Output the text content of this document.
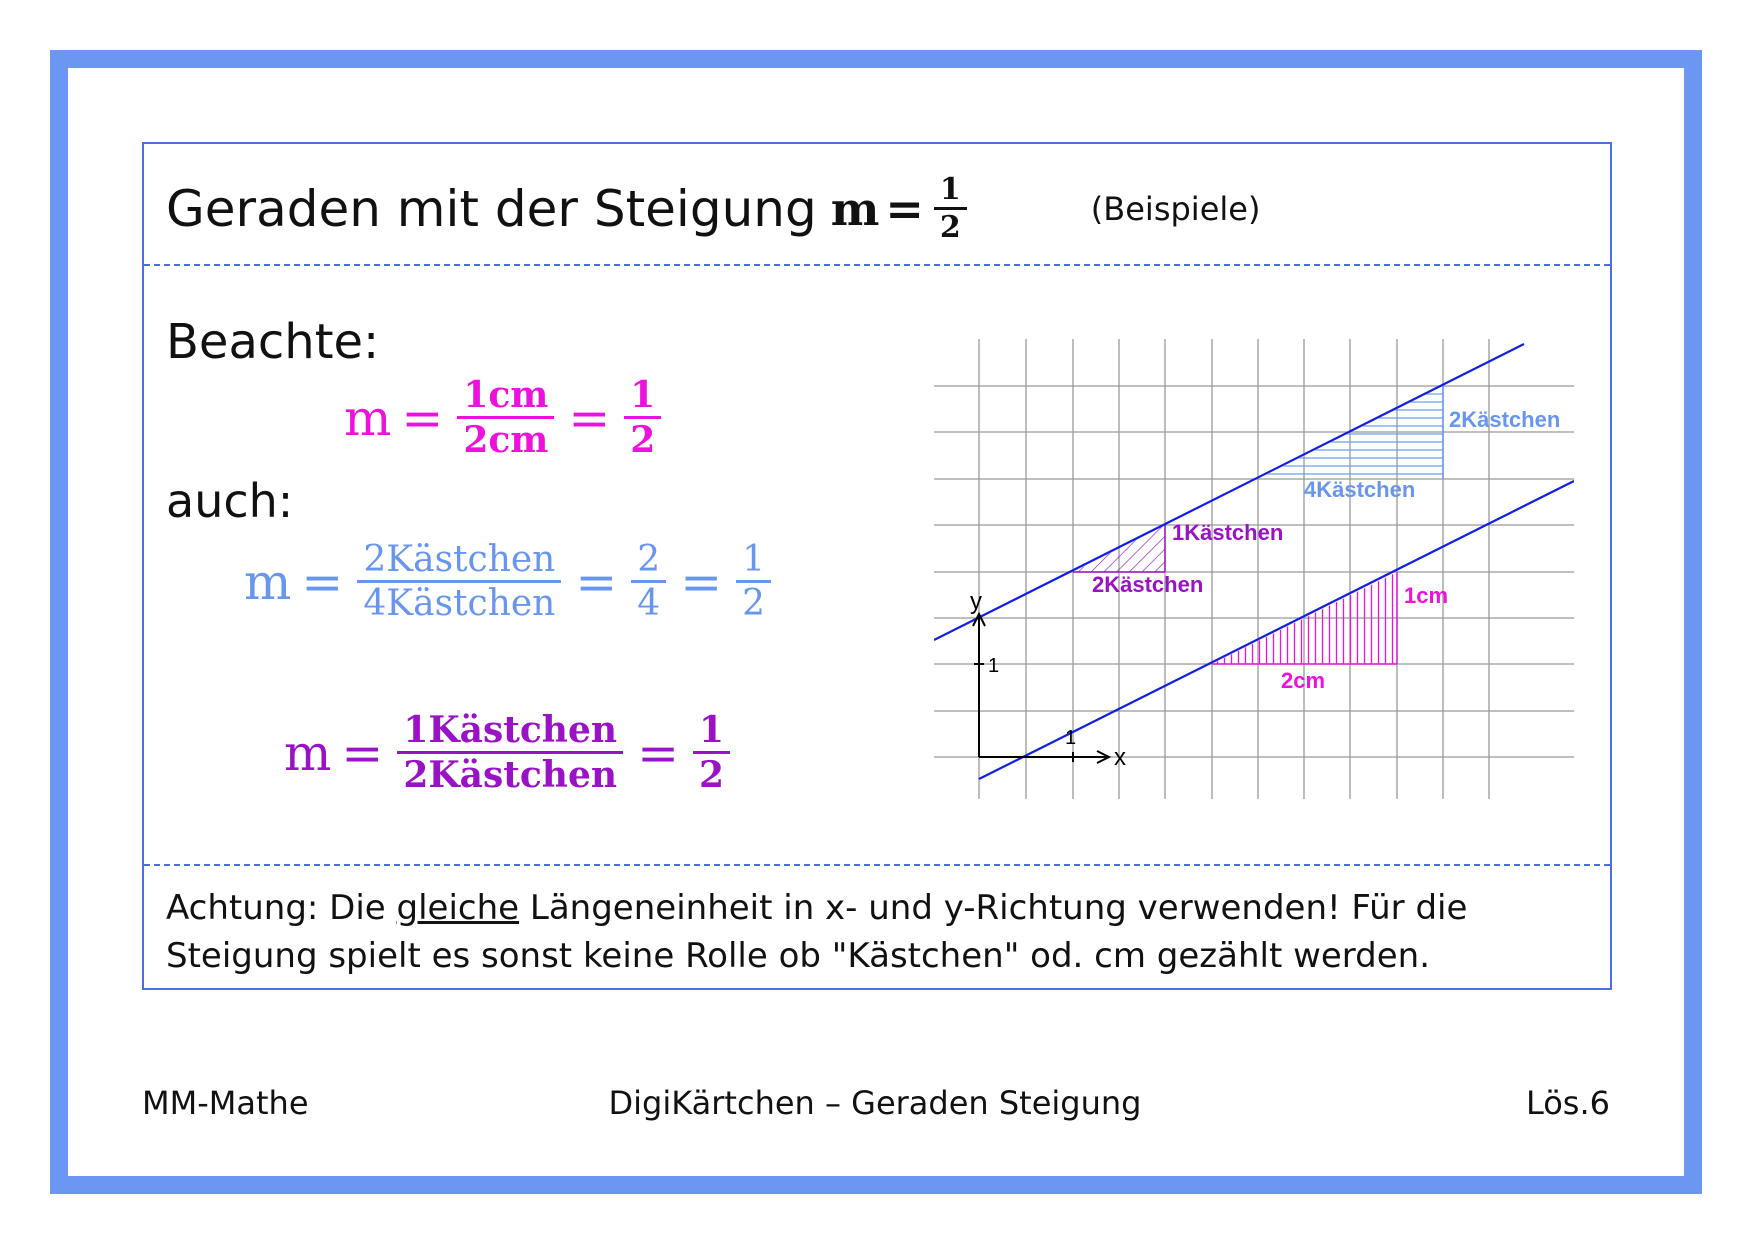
Geraden mit der Steigung $m = \frac{1}{2}$	(Beispiele)
Beachte:
$m = \frac{1cm}{2cm} = \frac{1}{2}$
auch:
$m = \frac{\text{2Kästchen}}{\text{4Kästchen}} = \frac{2}{4} = \frac{1}{2}$
$m = \frac{\text{1Kästchen}}{\text{2Kästchen}} = \frac{1}{2}$
y
x
1
1
2Kästchen
4Kästchen
1Kästchen
2Kästchen	1cm
2cm
Achtung: Die gleiche Längeneinheit in x- und y-Richtung verwenden! Für die Steigung spielt es sonst keine Rolle ob "Kästchen" od. cm gezählt werden.
MM-Mathe	DigiKärtchen – Geraden Steigung	Lös.6
